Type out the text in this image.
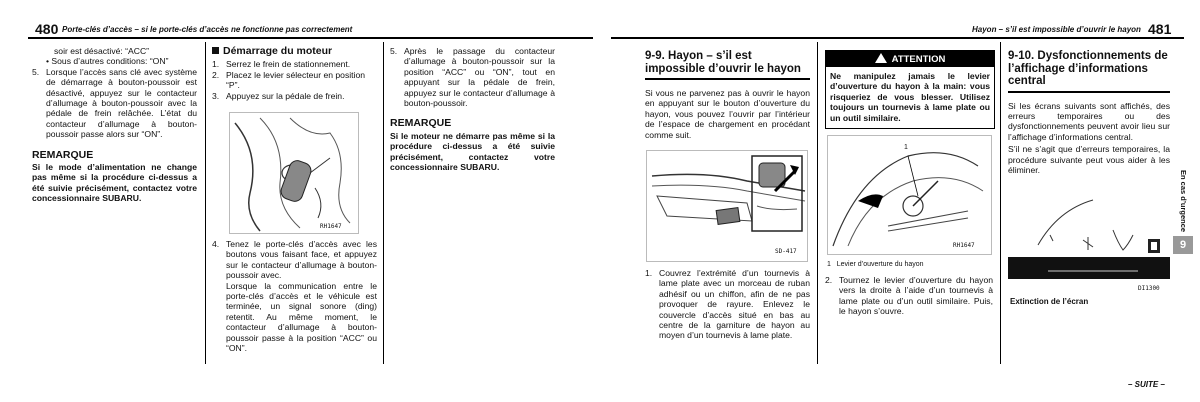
480 Porte-clés d’accès – si le porte-clés d’accès ne fonctionne pas correctement

soir est désactivé: “ACC”

• Sous d’autres conditions: “ON”

5. Lorsque l’accès sans clé avec système de démarrage à bouton-poussoir est désactivé, appuyez sur le contacteur d’allumage à bouton-poussoir avec la pédale de frein relâchée. L’état du contacteur d’allumage à bouton-poussoir passe alors sur “ON”.
REMARQUE

Si le mode d’alimentation ne change pas même si la procédure ci-dessus a été suivie précisément, contactez votre concessionnaire SUBARU.

Démarrage du moteur
1. Serrez le frein de stationnement.
2. Placez le levier sélecteur en position “P”.
3. Appuyez sur la pédale de frein.
RH1647
4. Tenez le porte-clés d’accès avec les boutons vous faisant face, et appuyez sur le contacteur d’allumage à bouton-poussoir avec.
Lorsque la communication entre le porte-clés d’accès et le véhicule est terminée, un signal sonore (ding) retentit. Au même moment, le contacteur d’allumage à bouton-poussoir passe à la position “ACC” ou “ON”.
5. Après le passage du contacteur d’allumage à bouton-poussoir sur la position “ACC” ou “ON”, tout en appuyant sur la pédale de frein, appuyez sur le contacteur d’allumage à bouton-poussoir.
REMARQUE

Si le moteur ne démarre pas même si la procédure ci-dessus a été suivie précisément, contactez votre concessionnaire SUBARU.

Hayon – s’il est impossible d’ouvrir le hayon 481
9-9. Hayon – s’il est impossible d’ouvrir le hayon

Si vous ne parvenez pas à ouvrir le hayon en appuyant sur le bouton d’ouverture du hayon, vous pouvez l’ouvrir par l’intérieur de l’espace de chargement en procédant comme suit.

SD-417
1. Couvrez l’extrémité d’un tournevis à lame plate avec un morceau de ruban adhésif ou un chiffon, afin de ne pas provoquer de rayure. Enlevez le couvercle d’accès situé en bas au centre de la garniture de hayon au moyen d’un tournevis à lame plate.
ATTENTION

Ne manipulez jamais le levier d’ouverture du hayon à la main: vous risqueriez de vous blesser. Utilisez toujours un tournevis à lame plate ou un outil similaire.

1
RH1647
1 Levier d’ouverture du hayon
2. Tournez le levier d’ouverture du hayon vers la droite à l’aide d’un tournevis à lame plate ou d’un outil similaire. Puis, le hayon s’ouvre.
9-10. Dysfonctionnements de l’affichage d’informations central

Si les écrans suivants sont affichés, des erreurs temporaires ou des dysfonctionnements peuvent avoir lieu sur l’affichage d’informations central.

S’il ne s’agit que d’erreurs temporaires, la procédure suivante peut vous aider à les éliminer.

DI1300
Extinction de l’écran
En cas d’urgence
9
– SUITE –
